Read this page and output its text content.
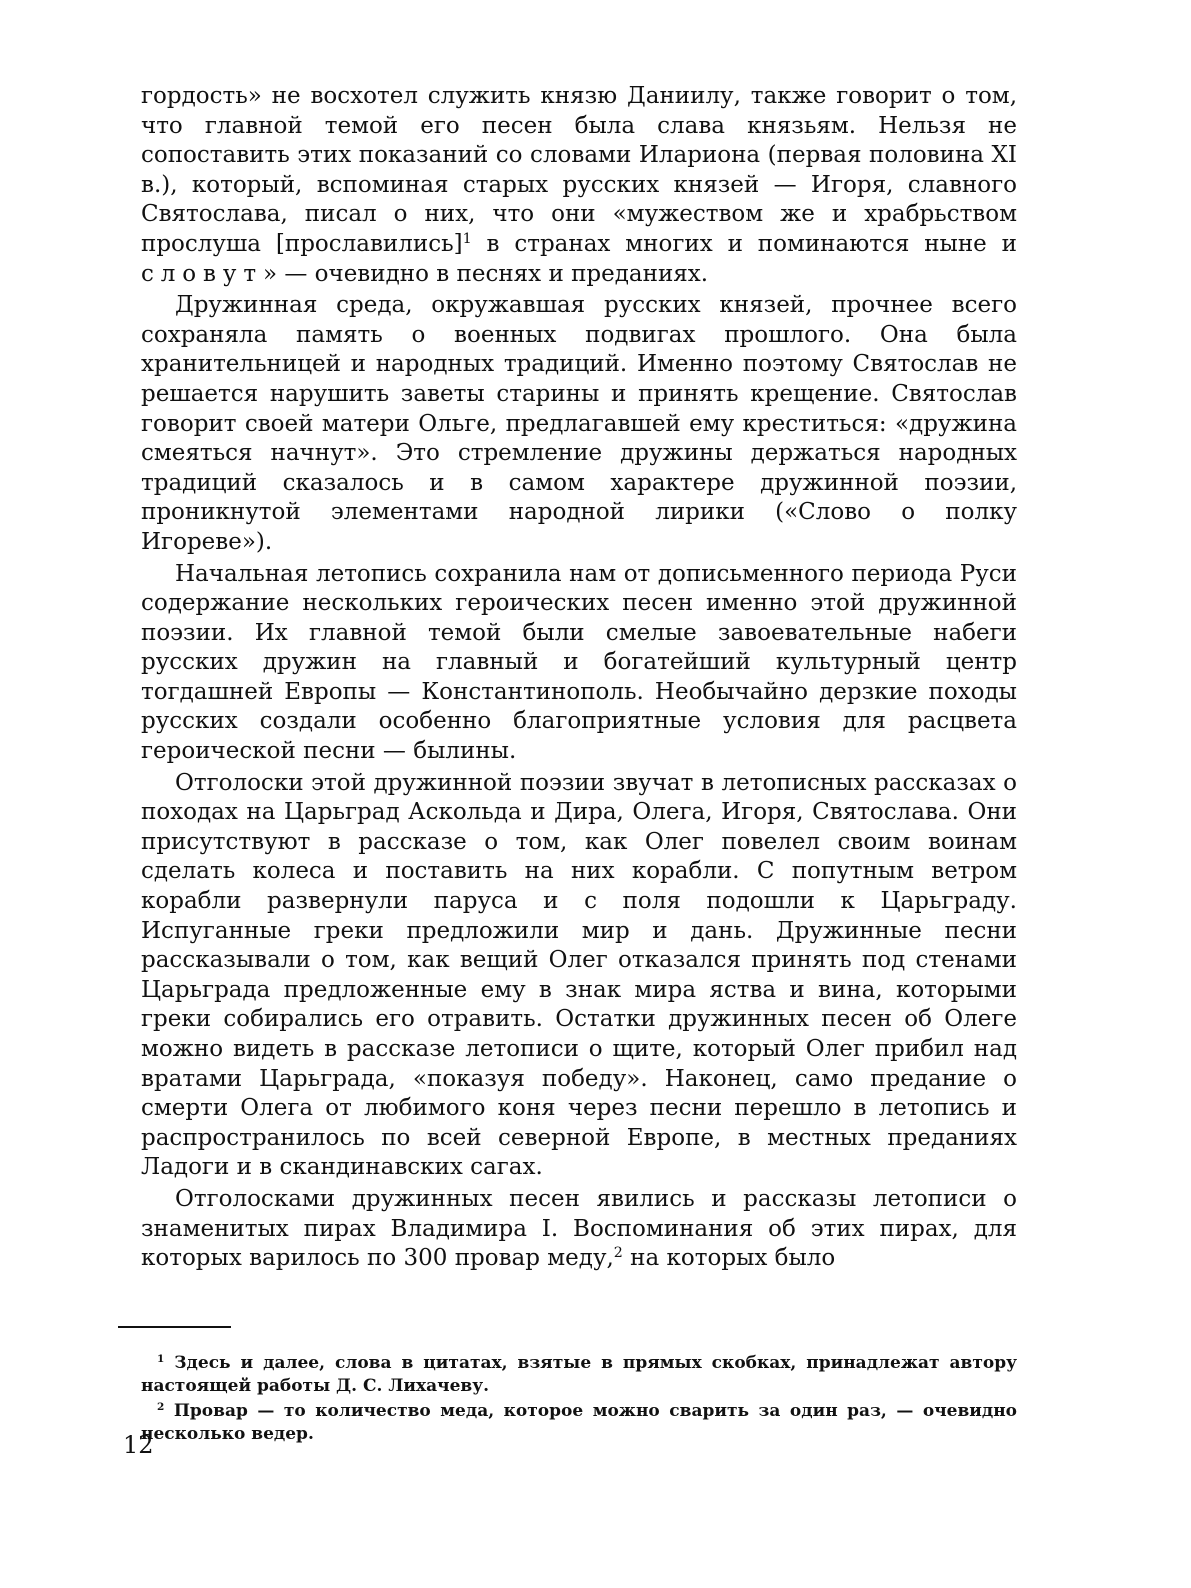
гордость» не восхотел служить князю Даниилу, также говорит о том, что главной темой его песен была слава князьям. Нельзя не сопоставить этих показаний со словами Илариона (первая половина XI в.), который, вспоминая старых русских князей — Игоря, славного Святослава, писал о них, что они «мужеством же и храбрьством прослуша [прославились]$^1$ в странах многих и поминаются ныне и словут» — очевидно в песнях и преданиях.

Дружинная среда, окружавшая русских князей, прочнее всего сохраняла память о военных подвигах прошлого. Она была хранительницей и народных традиций. Именно поэтому Святослав не решается нарушить заветы старины и принять крещение. Святослав говорит своей матери Ольге, предлагавшей ему креститься: «дружина смеяться начнут». Это стремление дружины держаться народных традиций сказалось и в самом характере дружинной поэзии, проникнутой элементами народной лирики («Слово о полку Игореве»).

Начальная летопись сохранила нам от дописьменного периода Руси содержание нескольких героических песен именно этой дружинной поэзии. Их главной темой были смелые завоевательные набеги русских дружин на главный и богатейший культурный центр тогдашней Европы — Константинополь. Необычайно дерзкие походы русских создали особенно благоприятные условия для расцвета героической песни — былины.

Отголоски этой дружинной поэзии звучат в летописных рассказах о походах на Царьград Аскольда и Дира, Олега, Игоря, Святослава. Они присутствуют в рассказе о том, как Олег повелел своим воинам сделать колеса и поставить на них корабли. С попутным ветром корабли развернули паруса и с поля подошли к Царьграду. Испуганные греки предложили мир и дань. Дружинные песни рассказывали о том, как вещий Олег отказался принять под стенами Царьграда предложенные ему в знак мира яства и вина, которыми греки собирались его отравить. Остатки дружинных песен об Олеге можно видеть в рассказе летописи о щите, который Олег прибил над вратами Царьграда, «показуя победу». Наконец, само предание о смерти Олега от любимого коня через песни перешло в летопись и распространилось по всей северной Европе, в местных преданиях Ладоги и в скандинавских сагах.

Отголосками дружинных песен явились и рассказы летописи о знаменитых пирах Владимира I. Воспоминания об этих пирах, для которых варилось по 300 провар меду,$^2$ на которых было

$^1$ Здесь и далее, слова в цитатах, взятые в прямых скобках, принадлежат автору настоящей работы Д. С. Лихачеву.

$^2$ Провар — то количество меда, которое можно сварить за один раз, — очевидно несколько ведер.

12
